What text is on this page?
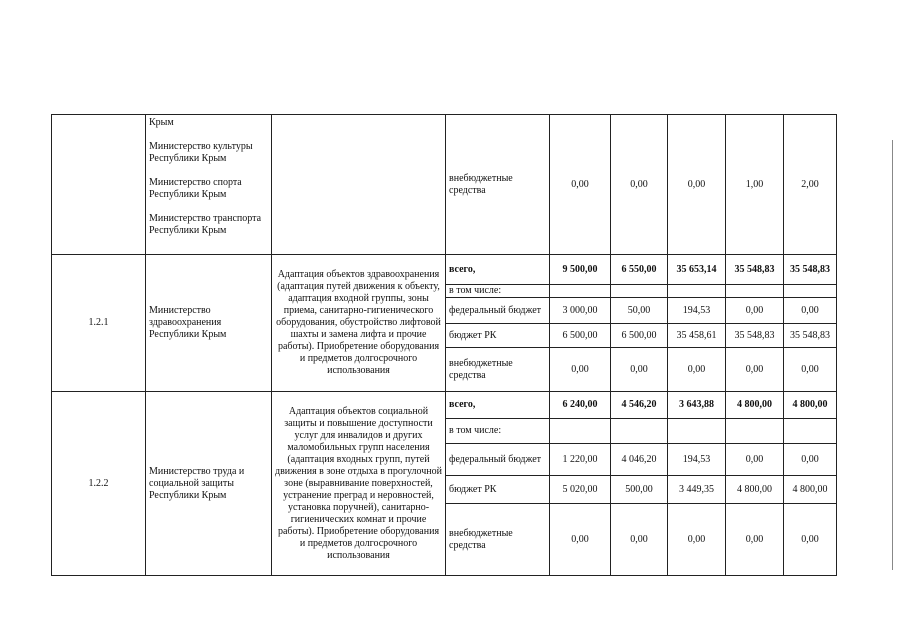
	Крым
Министерство культуры Республики Крым
Министерство спорта Республики Крым
Министерство транспорта Республики Крым		внебюджетные средства	0,00	0,00	0,00	1,00	2,00
1.2.1	Министерство здравоохранения Республики Крым	Адаптация объектов здравоохранения (адаптация путей движения к объекту, адаптация входной группы, зоны приема, санитарно-гигиенического оборудования, обустройство лифтовой шахты и замена лифта и прочие работы). Приобретение оборудования и предметов долгосрочного использования	всего,	9 500,00	6 550,00	35 653,14	35 548,83	35 548,83
			в том числе:					
			федеральный бюджет	3 000,00	50,00	194,53	0,00	0,00
			бюджет РК	6 500,00	6 500,00	35 458,61	35 548,83	35 548,83
			внебюджетные средства	0,00	0,00	0,00	0,00	0,00
1.2.2	Министерство труда и социальной защиты Республики Крым	Адаптация объектов социальной защиты и повышение доступности услуг для инвалидов и других маломобильных групп населения (адаптация входных групп, путей движения в зоне отдыха в прогулочной зоне (выравнивание поверхностей, устранение преград и неровностей, установка поручней), санитарно-гигиенических комнат и прочие работы). Приобретение оборудования и предметов долгосрочного использования	всего,	6 240,00	4 546,20	3 643,88	4 800,00	4 800,00
			в том числе:					
			федеральный бюджет	1 220,00	4 046,20	194,53	0,00	0,00
			бюджет РК	5 020,00	500,00	3 449,35	4 800,00	4 800,00
			внебюджетные средства	0,00	0,00	0,00	0,00	0,00
